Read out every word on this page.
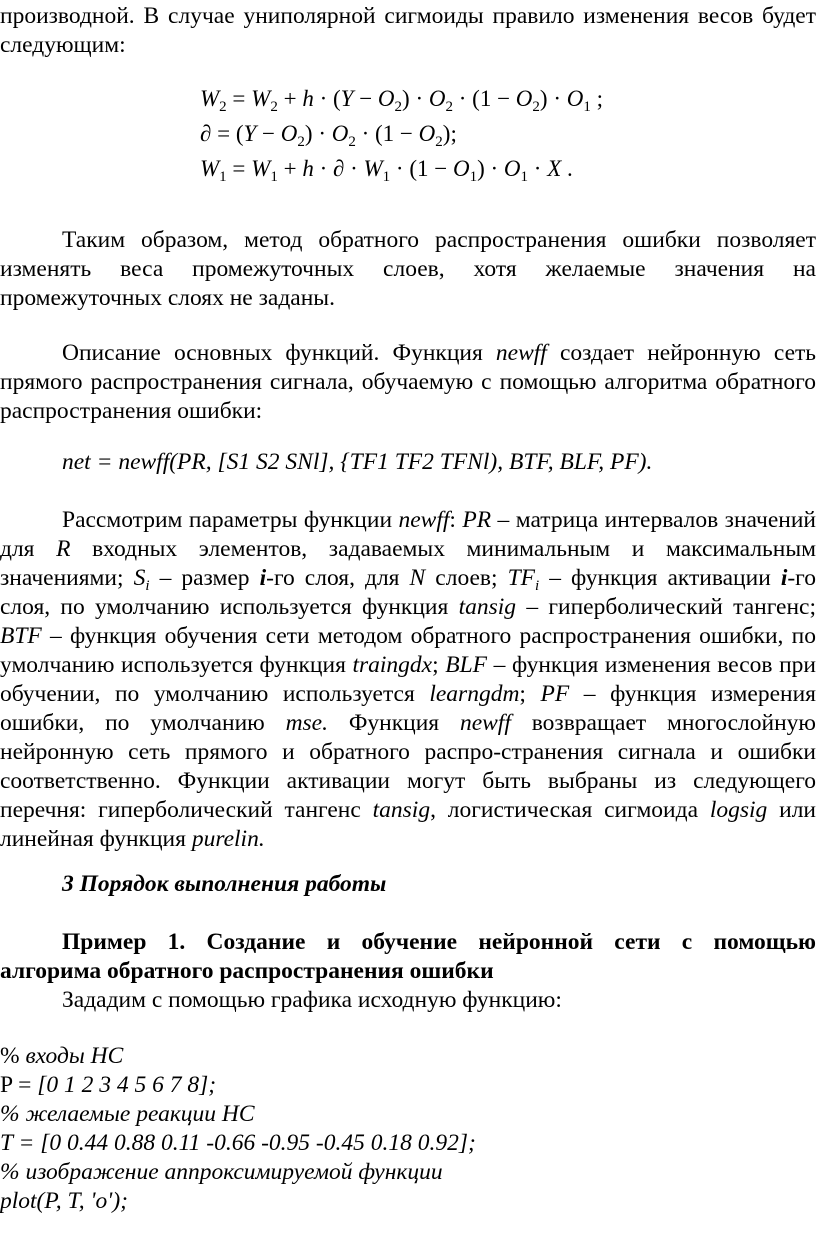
производной. В случае униполярной сигмоиды правило изменения весов будет

следующим:

$W_2 = W_2 + h \cdot (Y - O_2) \cdot O_2 \cdot (1 - O_2) \cdot O_1$ ;
∂ = $(Y - O_2) \cdot O_2 \cdot (1 - O_2)$;
$W_1 = W_1 + h$ · ∂ · $W_1 \cdot (1 - O_1) \cdot O_1 \cdot X$ .

Таким образом, метод обратного распространения ошибки позволяет изменять веса промежуточных слоев, хотя желаемые значения на промежуточных слоях не заданы.

Описание основных функций. Функция newff создает нейронную сеть прямого распространения сигнала, обучаемую с помощью алгоритма обратного распространения ошибки:

net = newff(PR, [S1 S2 SNl], {TF1 TF2 TFNl), BTF, BLF, PF).

Рассмотрим параметры функции newff: PR – матрица интервалов значений для R входных элементов, задаваемых минимальным и максимальным значениями; $S_i$ – размер i-го слоя, для N слоев; $TF_i$ – функция активации i-го слоя, по умолчанию используется функция tansig – гиперболический тангенс; BTF – функция обучения сети методом обратного распространения ошибки, по умолчанию используется функция traingdx; BLF – функция изменения весов при обучении, по умолчанию используется learngdm; PF – функция измерения ошибки, по умолчанию mse. Функция newff возвращает многослойную нейронную сеть прямого и обратного распро-странения сигнала и ошибки соответственно. Функции активации могут быть выбраны из следующего перечня: гиперболический тангенс tansig, логистическая сигмоида logsig или линейная функция purelin.

3 Порядок выполнения работы

Пример 1. Создание и обучение нейронной сети с помощью

алгорима обратного распространения ошибки

Зададим с помощью графика исходную функцию:

% входы НС
P = [0 1 2 3 4 5 6 7 8];
% желаемые реакции НС
T = [0 0.44 0.88 0.11 -0.66 -0.95 -0.45 0.18 0.92];
% изображение аппроксимируемой функции
plot(P, T, 'o');
